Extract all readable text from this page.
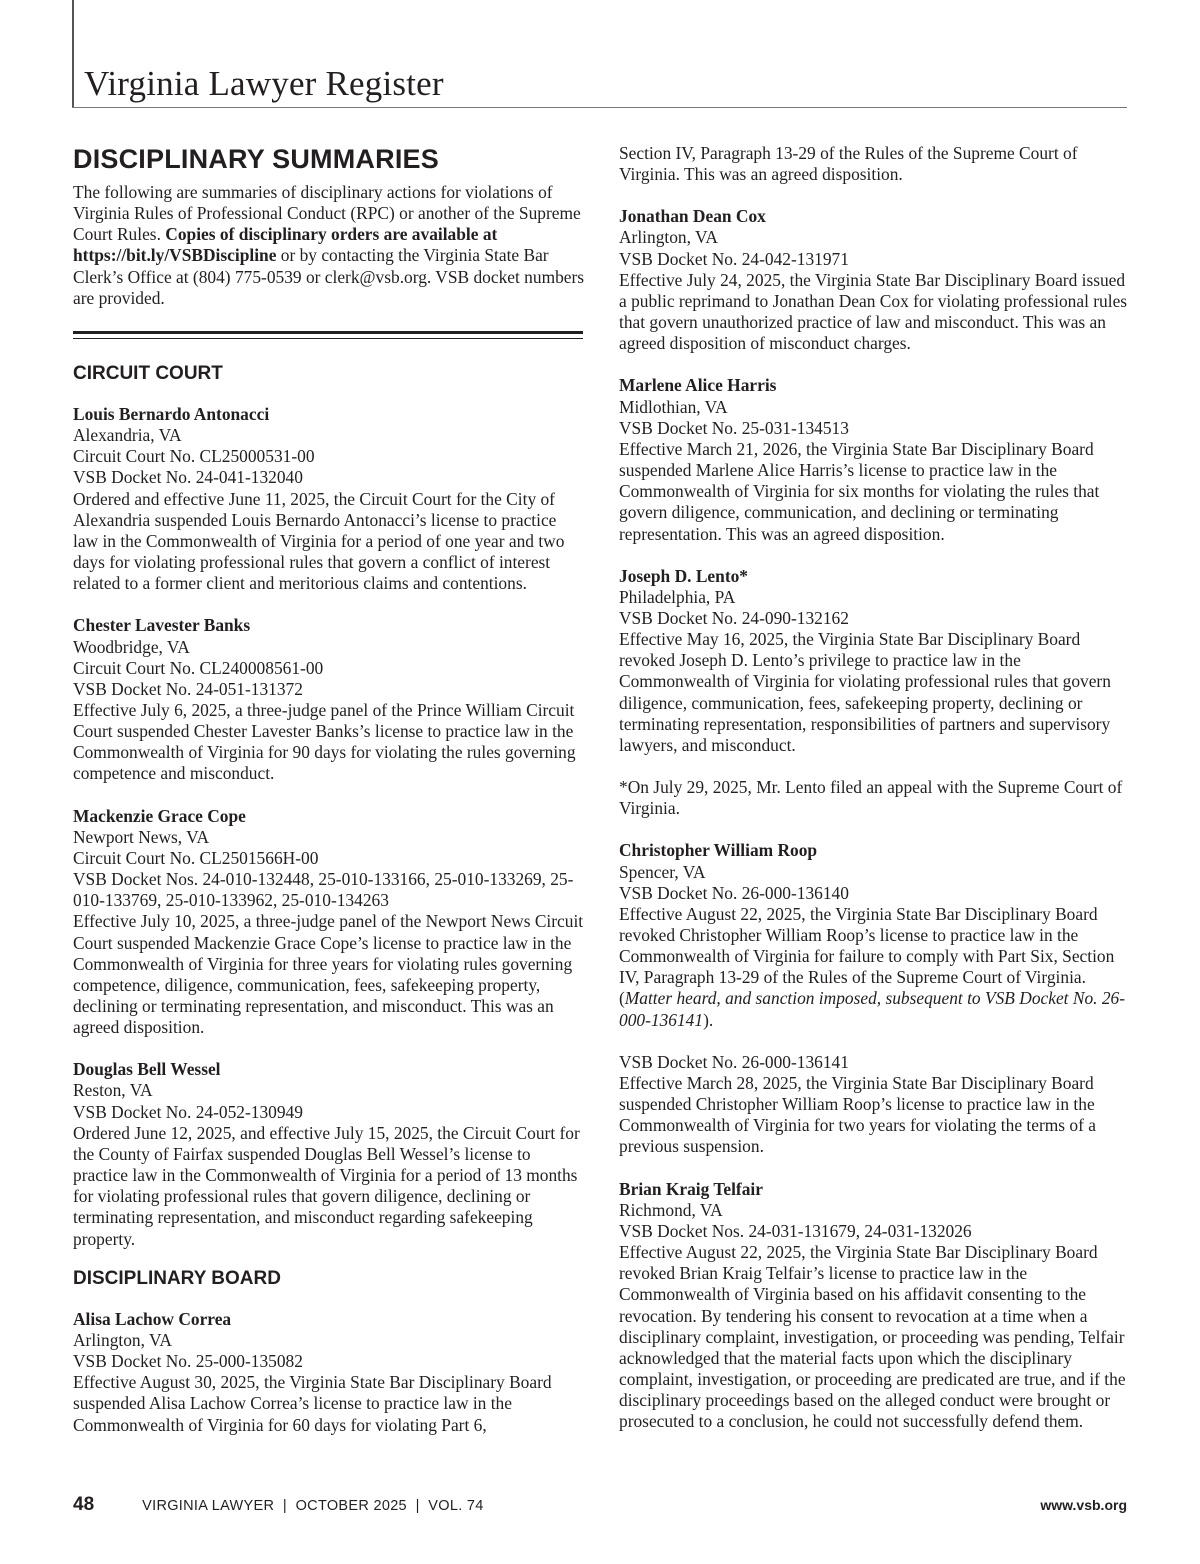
Virginia Lawyer Register
DISCIPLINARY SUMMARIES

The following are summaries of disciplinary actions for violations of Virginia Rules of Professional Conduct (RPC) or another of the Supreme Court Rules. Copies of disciplinary orders are available at https://bit.ly/VSBDiscipline or by contacting the Virginia State Bar Clerk’s Office at (804) 775-0539 or clerk@vsb.org. VSB docket numbers are provided.

CIRCUIT COURT
Louis Bernardo Antonacci
Alexandria, VA
Circuit Court No. CL25000531-00
VSB Docket No. 24-041-132040
Ordered and effective June 11, 2025, the Circuit Court for the City of Alexandria suspended Louis Bernardo Antonacci’s license to practice law in the Commonwealth of Virginia for a period of one year and two days for violating professional rules that govern a conflict of interest related to a former client and meritorious claims and contentions.
Chester Lavester Banks
Woodbridge, VA
Circuit Court No. CL240008561-00
VSB Docket No. 24-051-131372
Effective July 6, 2025, a three-judge panel of the Prince William Circuit Court suspended Chester Lavester Banks’s license to practice law in the Commonwealth of Virginia for 90 days for violating the rules governing competence and misconduct.
Mackenzie Grace Cope
Newport News, VA
Circuit Court No. CL2501566H-00
VSB Docket Nos. 24-010-132448, 25-010-133166, 25-010-133269, 25-010-133769, 25-010-133962, 25-010-134263
Effective July 10, 2025, a three-judge panel of the Newport News Circuit Court suspended Mackenzie Grace Cope’s license to practice law in the Commonwealth of Virginia for three years for violating rules governing competence, diligence, communication, fees, safekeeping property, declining or terminating representation, and misconduct. This was an agreed disposition.
Douglas Bell Wessel
Reston, VA
VSB Docket No. 24-052-130949
Ordered June 12, 2025, and effective July 15, 2025, the Circuit Court for the County of Fairfax suspended Douglas Bell Wessel’s license to practice law in the Commonwealth of Virginia for a period of 13 months for violating professional rules that govern diligence, declining or terminating representation, and misconduct regarding safekeeping property.
DISCIPLINARY BOARD
Alisa Lachow Correa
Arlington, VA
VSB Docket No. 25-000-135082
Effective August 30, 2025, the Virginia State Bar Disciplinary Board suspended Alisa Lachow Correa’s license to practice law in the Commonwealth of Virginia for 60 days for violating Part 6,
Section IV, Paragraph 13-29 of the Rules of the Supreme Court of Virginia. This was an agreed disposition.
Jonathan Dean Cox
Arlington, VA
VSB Docket No. 24-042-131971
Effective July 24, 2025, the Virginia State Bar Disciplinary Board issued a public reprimand to Jonathan Dean Cox for violating professional rules that govern unauthorized practice of law and misconduct. This was an agreed disposition of misconduct charges.
Marlene Alice Harris
Midlothian, VA
VSB Docket No. 25-031-134513
Effective March 21, 2026, the Virginia State Bar Disciplinary Board suspended Marlene Alice Harris’s license to practice law in the Commonwealth of Virginia for six months for violating the rules that govern diligence, communication, and declining or terminating representation. This was an agreed disposition.
Joseph D. Lento*
Philadelphia, PA
VSB Docket No. 24-090-132162
Effective May 16, 2025, the Virginia State Bar Disciplinary Board revoked Joseph D. Lento’s privilege to practice law in the Commonwealth of Virginia for violating professional rules that govern diligence, communication, fees, safekeeping property, declining or terminating representation, responsibilities of partners and supervisory lawyers, and misconduct.
*On July 29, 2025, Mr. Lento filed an appeal with the Supreme Court of Virginia.
Christopher William Roop
Spencer, VA
VSB Docket No. 26-000-136140
Effective August 22, 2025, the Virginia State Bar Disciplinary Board revoked Christopher William Roop’s license to practice law in the Commonwealth of Virginia for failure to comply with Part Six, Section IV, Paragraph 13-29 of the Rules of the Supreme Court of Virginia. (Matter heard, and sanction imposed, subsequent to VSB Docket No. 26-000-136141).
VSB Docket No. 26-000-136141
Effective March 28, 2025, the Virginia State Bar Disciplinary Board suspended Christopher William Roop’s license to practice law in the Commonwealth of Virginia for two years for violating the terms of a previous suspension.
Brian Kraig Telfair
Richmond, VA
VSB Docket Nos. 24-031-131679, 24-031-132026
Effective August 22, 2025, the Virginia State Bar Disciplinary Board revoked Brian Kraig Telfair’s license to practice law in the Commonwealth of Virginia based on his affidavit consenting to the revocation. By tendering his consent to revocation at a time when a disciplinary complaint, investigation, or proceeding was pending, Telfair acknowledged that the material facts upon which the disciplinary complaint, investigation, or proceeding are predicated are true, and if the disciplinary proceedings based on the alleged conduct were brought or prosecuted to a conclusion, he could not successfully defend them.
48	VIRGINIA LAWYER  |  OCTOBER 2025  |  VOL. 74	www.vsb.org
